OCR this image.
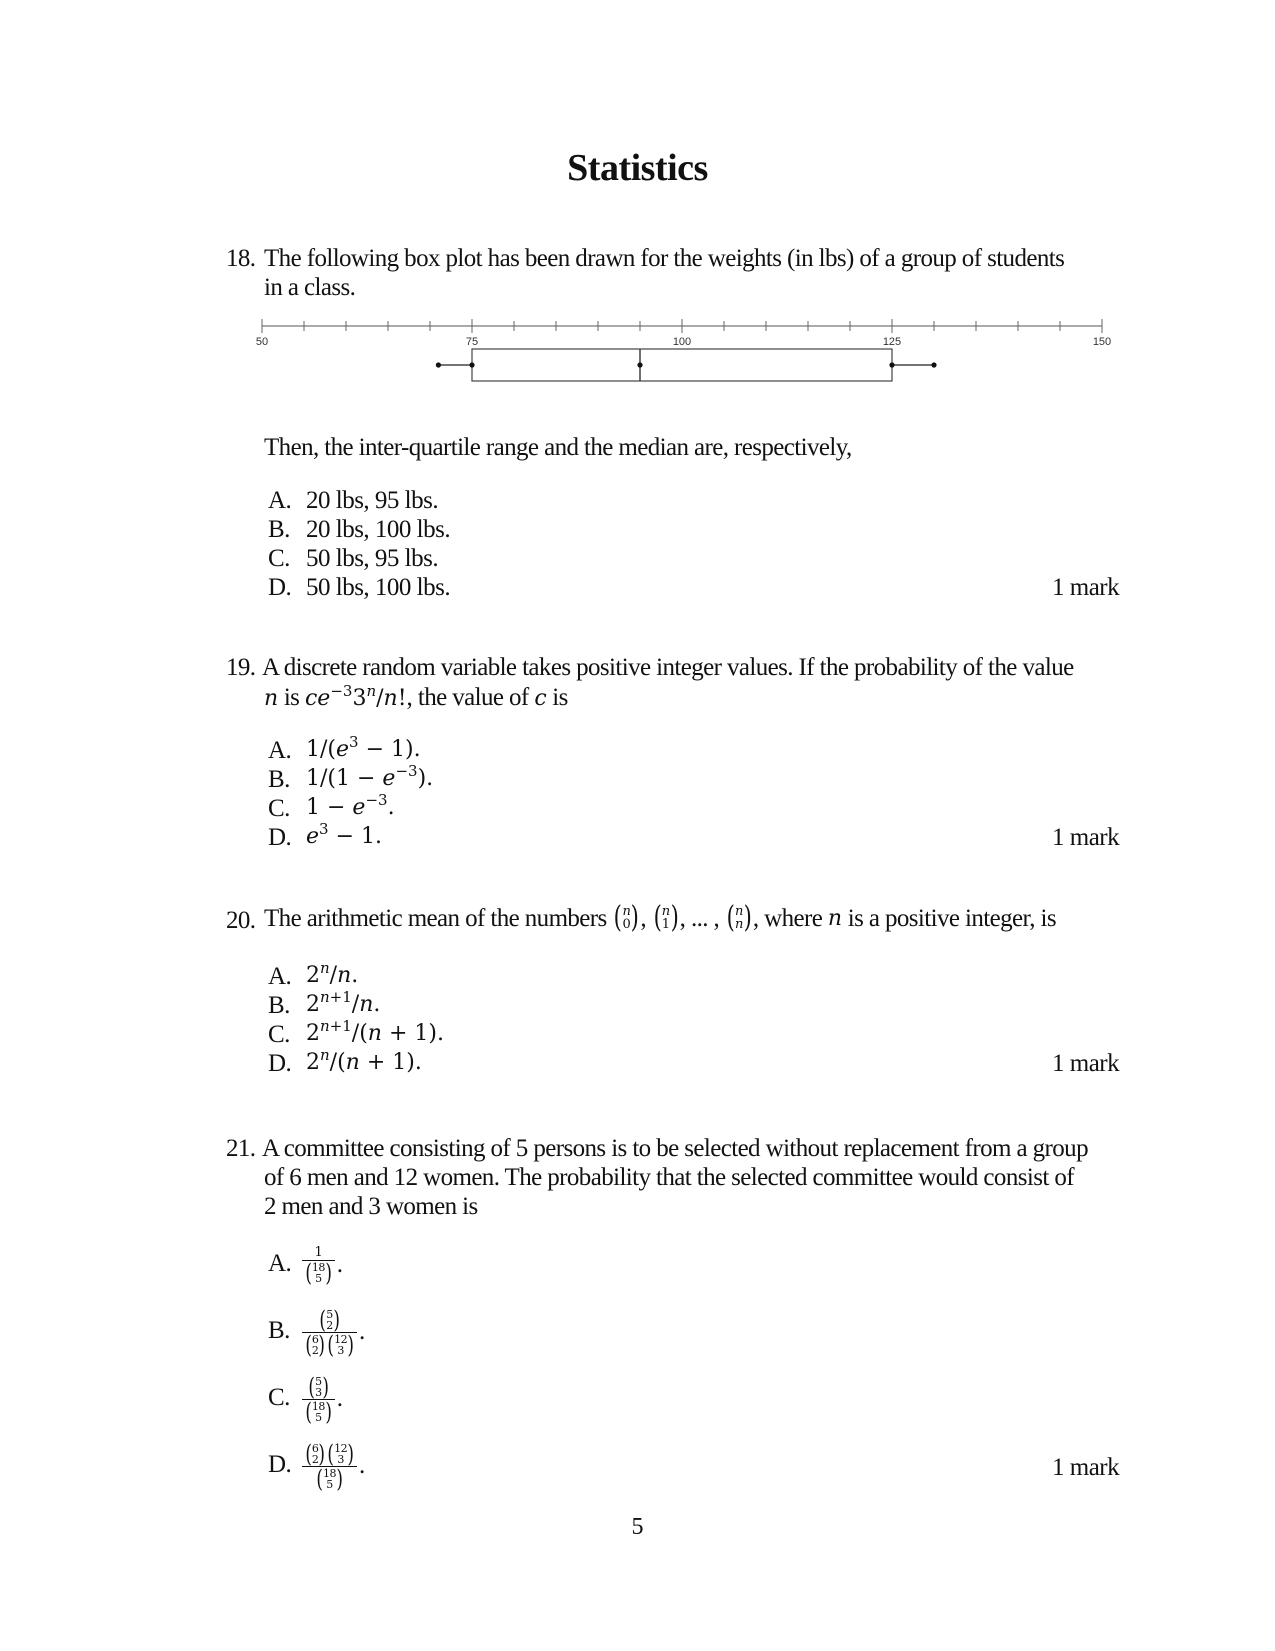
Statistics
18. The following box plot has been drawn for the weights (in lbs) of a group of students
in a class.
50	75	100	125	150
Then, the inter-quartile range and the median are, respectively,
A. 20 lbs, 95 lbs.
B. 20 lbs, 100 lbs.
C. 50 lbs, 95 lbs.
D. 50 lbs, 100 lbs.	1 mark
19. A discrete random variable takes positive integer values. If the probability of the value
n is $ce^{-3}3^n/n$!, the value of c is
A. $1/(e^3 - 1)$.
B. $1/(1 - e^{-3})$.
C. $1 - e^{-3}$.
D. $e^3 - 1$.	1 mark
20. The arithmetic mean of the numbers
( n
0 ) , ( n
1 ) , ... , ( n
n ) , where
n
is a positive integer, is
A. 2$^n$/n.
B. $2^{n+1}/n$.
C. $2^{n+1}/(n + 1)$.
D. $2^n/(n + 1)$.	1 mark
21. A committee consisting of 5 persons is to be selected without replacement from a group
of 6 men and 12 women. The probability that the selected committee would consist of
2 men and 3 women is
A. 1
( 18
5 ) .
B. ( 5
2 )
( 6
2 ) ( 12
3 ) .
C. ( 5
3 )
( 18
5 ) .
D. ( 6
2 ) ( 12
3 )
( 18
5 ) .	1 mark
5
